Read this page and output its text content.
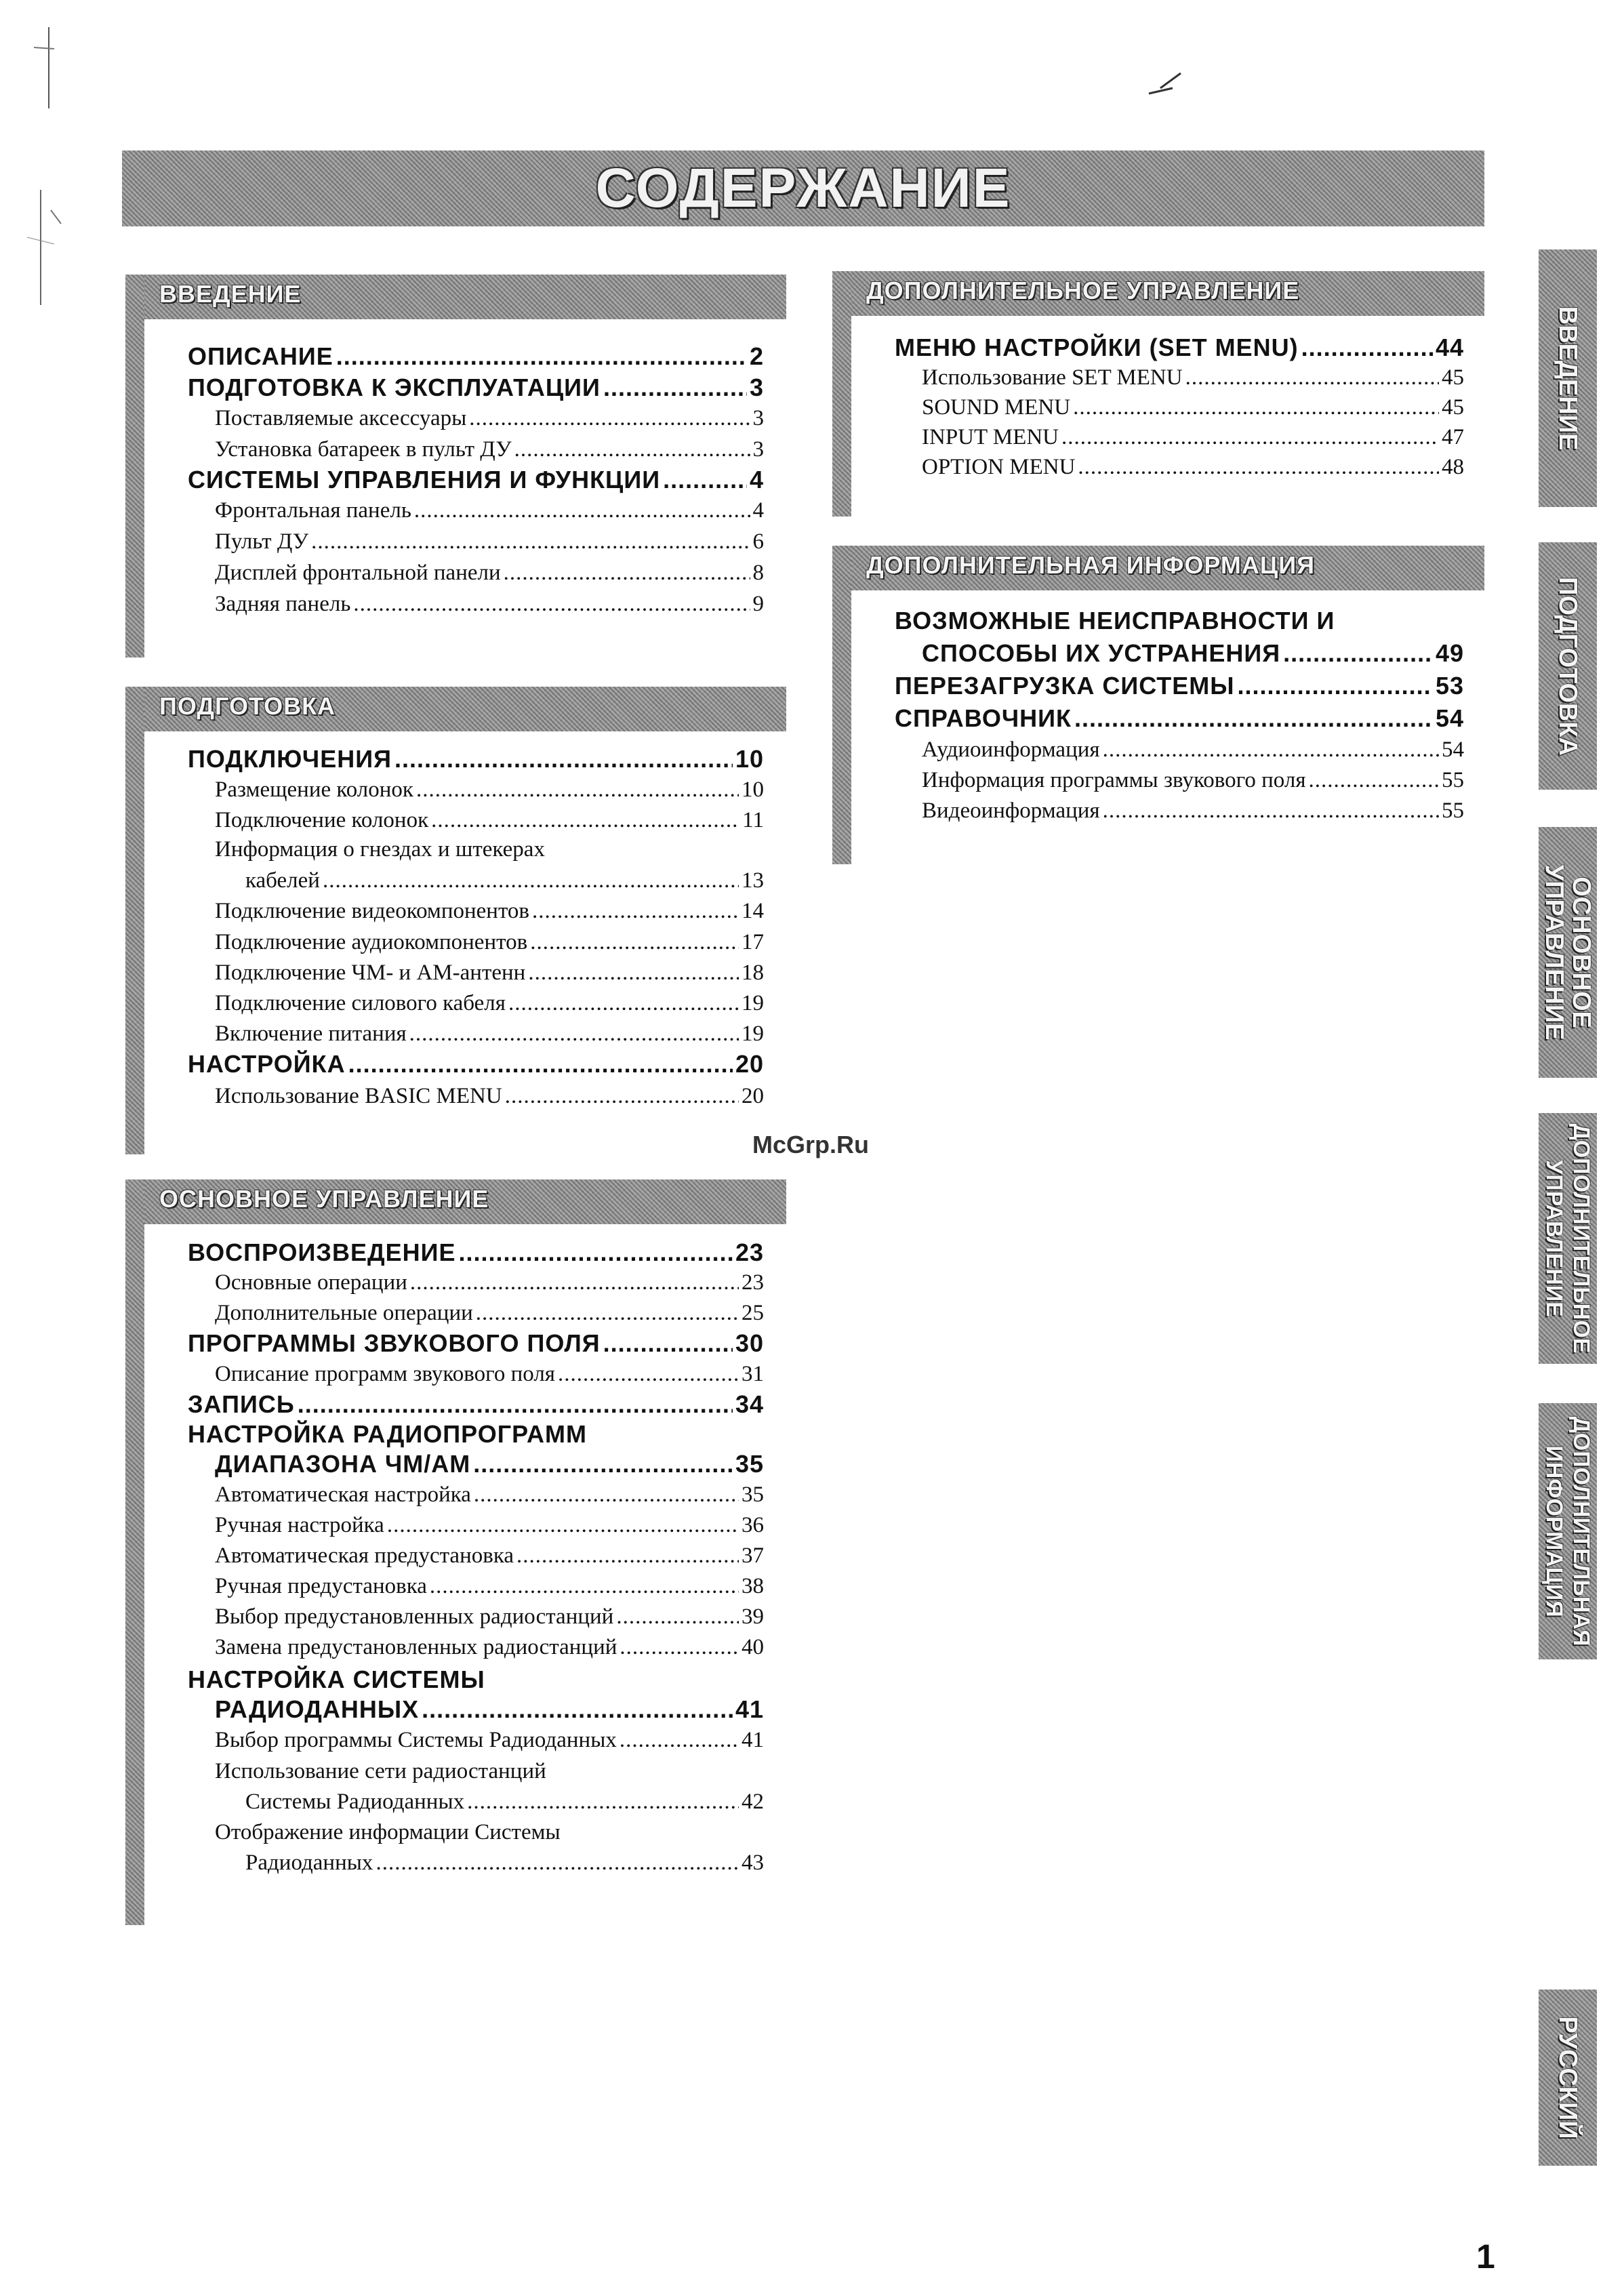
СОДЕРЖАНИЕ
ВВЕДЕНИЕ
ОПИСАНИЕ .....	2
ПОДГОТОВКА К ЭКСПЛУАТАЦИИ .....	3
Поставляемые аксессуары .....	3
Установка батареек в пульт ДУ .....	3
СИСТЕМЫ УПРАВЛЕНИЯ И ФУНКЦИИ .....	4
Фронтальная панель .....	4
Пульт ДУ .....	6
Дисплей фронтальной панели .....	8
Задняя панель .....	9
ПОДГОТОВКА
ПОДКЛЮЧЕНИЯ .....	10
Размещение колонок .....	10
Подключение колонок .....	11
Информация о гнездах и штекерах
кабелей .....	13
Подключение видеокомпонентов .....	14
Подключение аудиокомпонентов .....	17
Подключение ЧМ- и АМ-антенн .....	18
Подключение силового кабеля .....	19
Включение питания .....	19
НАСТРОЙКА .....	20
Использование BASIC MENU .....	20
McGrp.Ru
ОСНОВНОЕ УПРАВЛЕНИЕ
ВОСПРОИЗВЕДЕНИЕ .....	23
Основные операции .....	23
Дополнительные операции .....	25
ПРОГРАММЫ ЗВУКОВОГО ПОЛЯ .....	30
Описание программ звукового поля .....	31
ЗАПИСЬ .....	34
НАСТРОЙКА РАДИОПРОГРАММ
ДИАПАЗОНА ЧМ/АМ .....	35
Автоматическая настройка .....	35
Ручная настройка .....	36
Автоматическая предустановка .....	37
Ручная предустановка .....	38
Выбор предустановленных радиостанций .....	39
Замена предустановленных радиостанций .....	40
НАСТРОЙКА СИСТЕМЫ
РАДИОДАННЫХ .....	41
Выбор программы Системы Радиоданных .....	41
Использование сети радиостанций
Системы Радиоданных .....	42
Отображение информации Системы
Радиоданных .....	43
ДОПОЛНИТЕЛЬНОЕ УПРАВЛЕНИЕ
МЕНЮ НАСТРОЙКИ (SET MENU) .....	44
Использование SET MENU .....	45
SOUND MENU .....	45
INPUT MENU .....	47
OPTION MENU .....	48
ДОПОЛНИТЕЛЬНАЯ ИНФОРМАЦИЯ
ВОЗМОЖНЫЕ НЕИСПРАВНОСТИ И
СПОСОБЫ ИХ УСТРАНЕНИЯ .....	49
ПЕРЕЗАГРУЗКА СИСТЕМЫ .....	53
СПРАВОЧНИК .....	54
Аудиоинформация .....	54
Информация программы звукового поля .....	55
Видеоинформация .....	55
ВВЕДЕНИЕ
ПОДГОТОВКА
ОСНОВНОЕ
УПРАВЛЕНИЕ
ДОПОЛНИТЕЛЬНОЕ
УПРАВЛЕНИЕ
ДОПОЛНИТЕЛЬНАЯ
ИНФОРМАЦИЯ
РУССКИЙ
1
